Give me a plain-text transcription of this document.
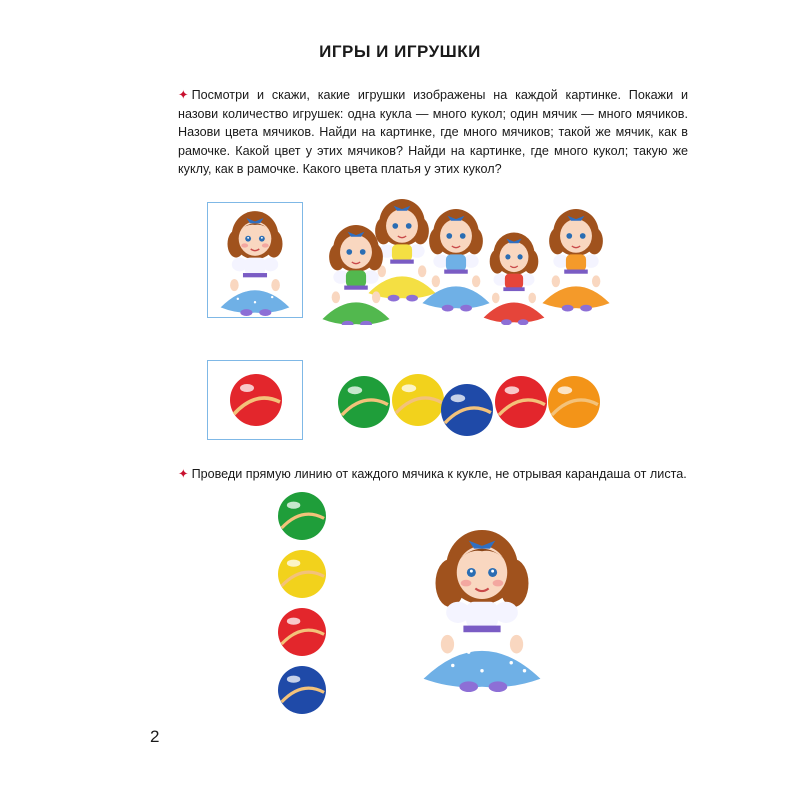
ИГРЫ И ИГРУШКИ
✦ Посмотри и скажи, какие игрушки изображены на каждой картинке. Покажи и назови количество игрушек: одна кукла — много кукол; один мячик — много мячиков. Назови цвета мячиков. Найди на картинке, где много мячиков; такой же мячик, как в рамочке. Какой цвет у этих мячиков? Найди на картинке, где много кукол; такую же куклу, как в рамочке. Какого цвета платья у этих кукол?
✦ Проведи прямую линию от каждого мячика к кукле, не отрывая карандаша от листа.
2
